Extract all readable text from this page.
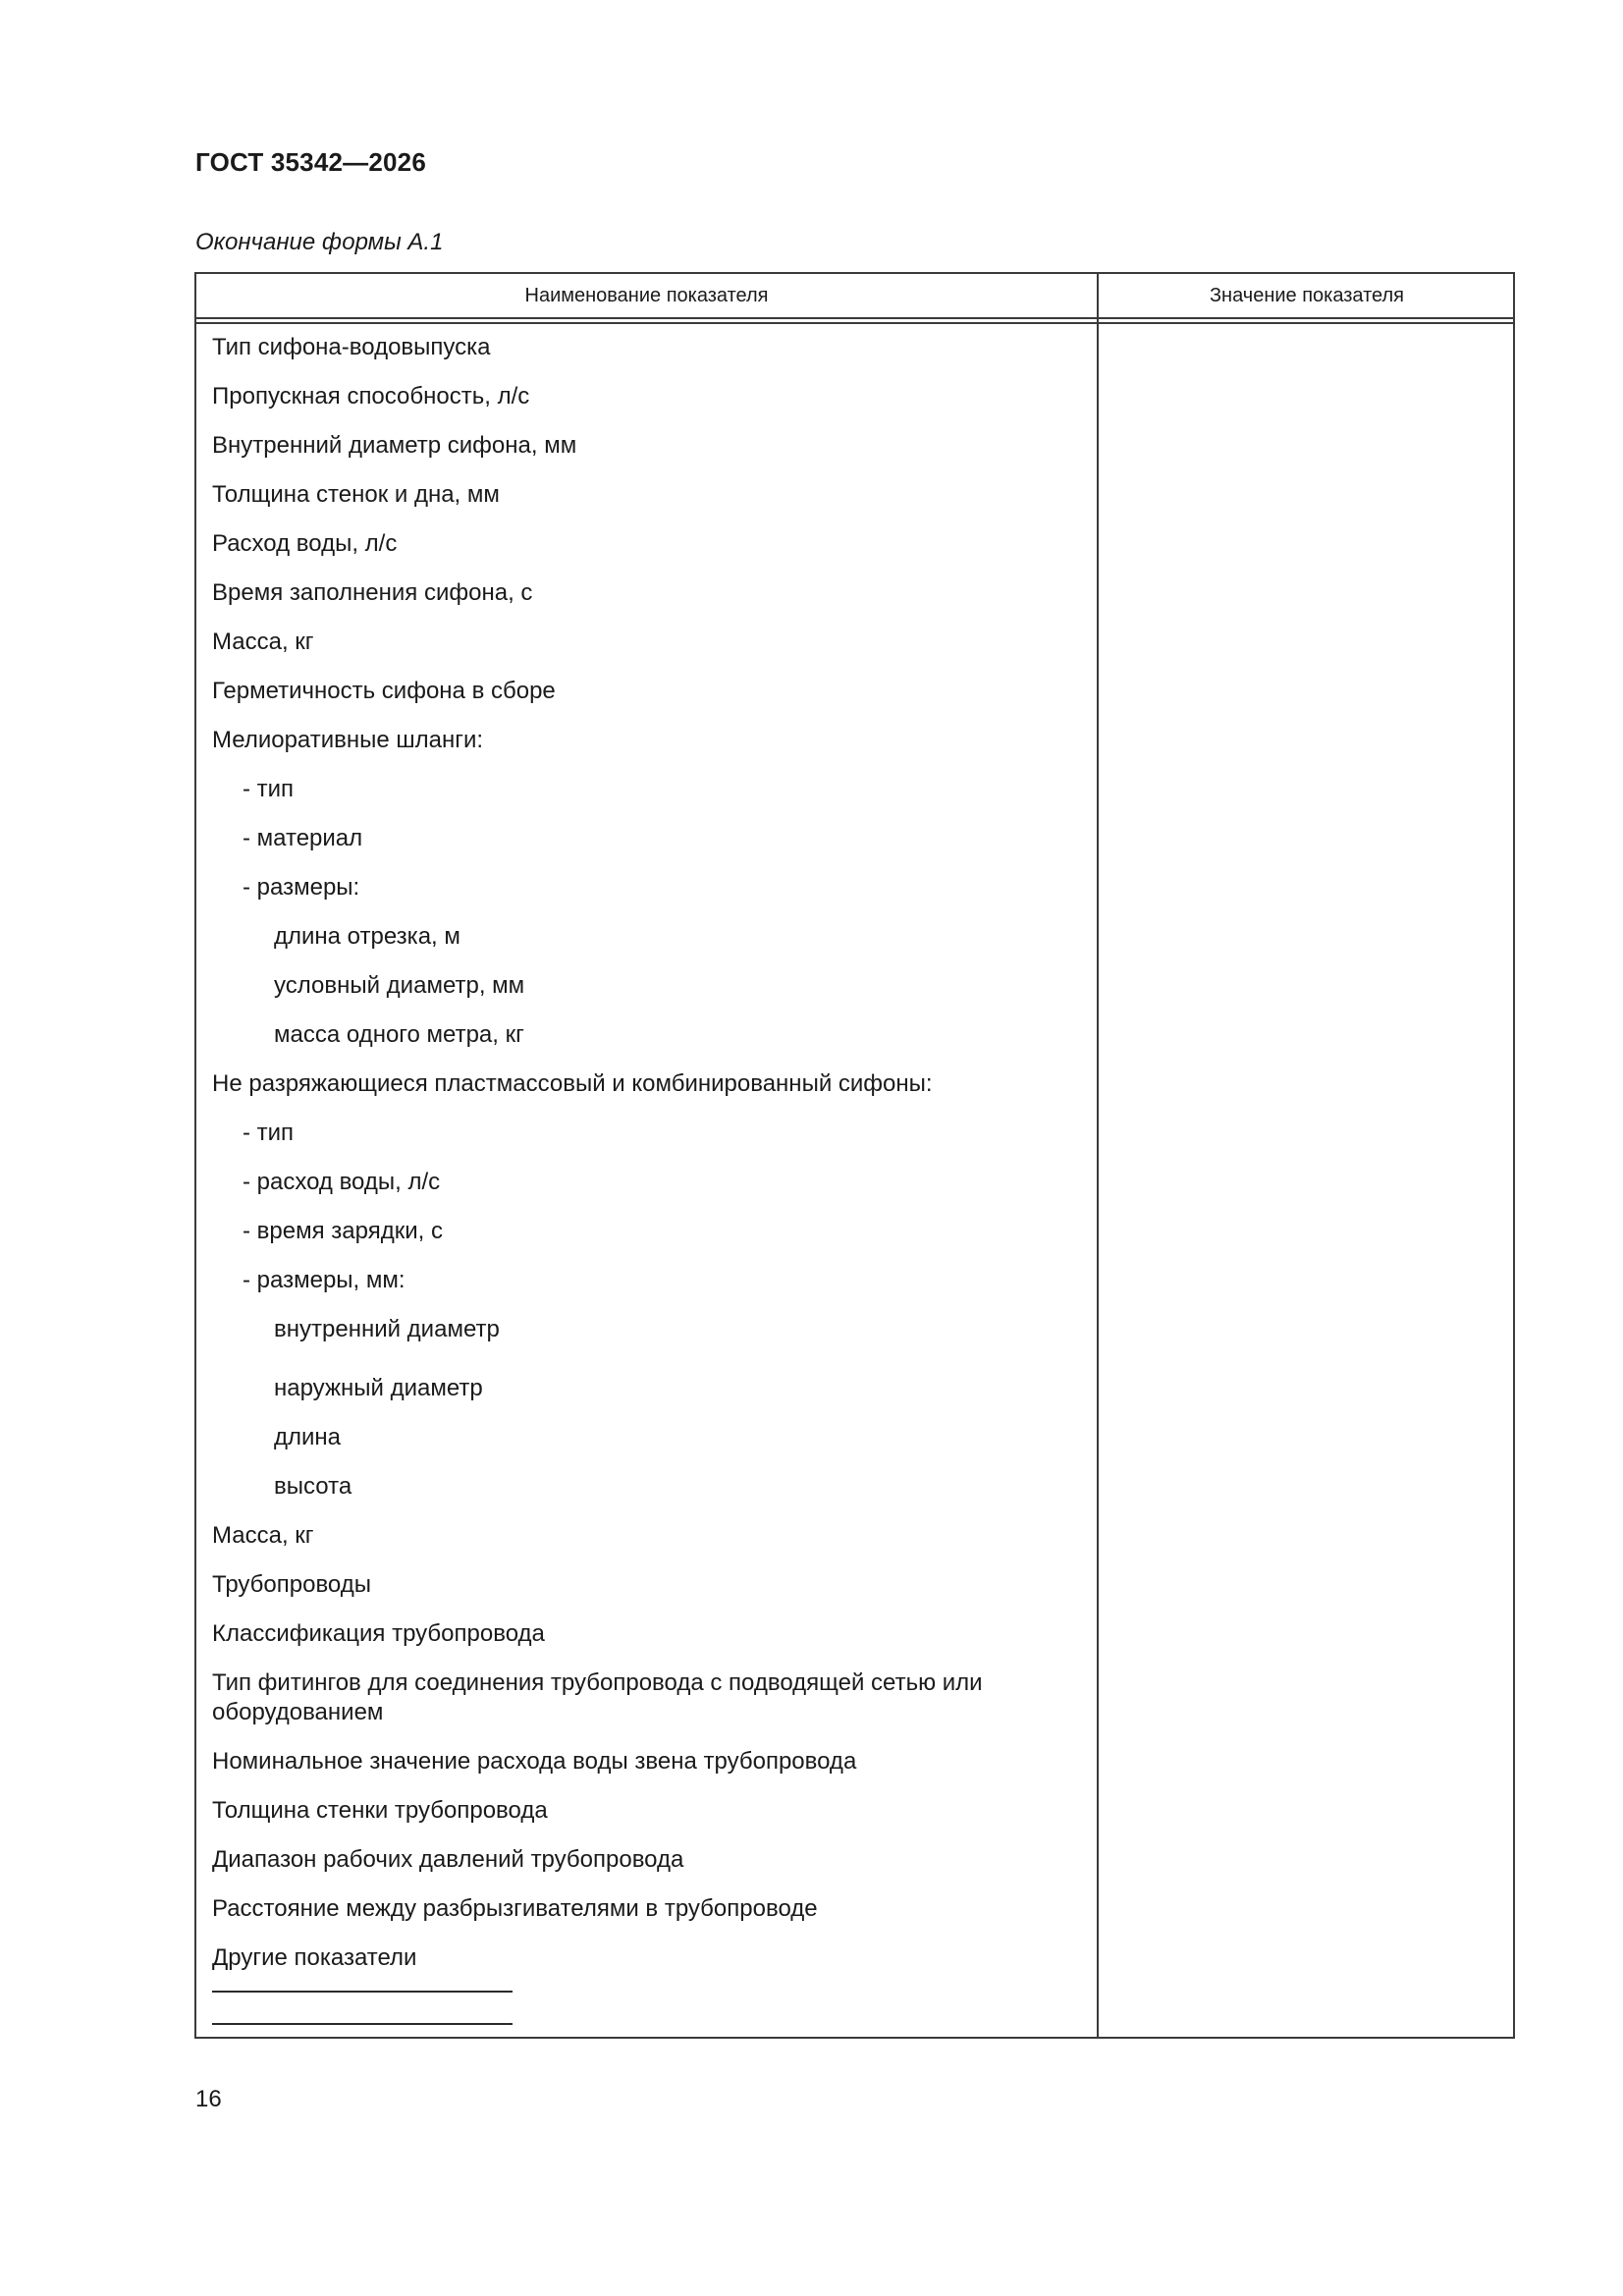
ГОСТ 35342—2026
Окончание формы А.1
Наименование показателя	Значение показателя
Тип сифона-водовыпуска
Пропускная способность, л/с
Внутренний диаметр сифона, мм
Толщина стенок и дна, мм
Расход воды, л/с
Время заполнения сифона, с
Масса, кг
Герметичность сифона в сборе
Мелиоративные шланги:
- тип
- материал
- размеры:
длина отрезка, м
условный диаметр, мм
масса одного метра, кг
Не разряжающиеся пластмассовый и комбинированный сифоны:
- тип
- расход воды, л/с
- время зарядки, с
- размеры, мм:
внутренний диаметр
наружный диаметр
длина
высота
Масса, кг
Трубопроводы
Классификация трубопровода
Тип фитингов для соединения трубопровода с подводящей сетью или оборудованием
Номинальное значение расхода воды звена трубопровода
Толщина стенки трубопровода
Диапазон рабочих давлений трубопровода
Расстояние между разбрызгивателями в трубопроводе
Другие показатели
16
